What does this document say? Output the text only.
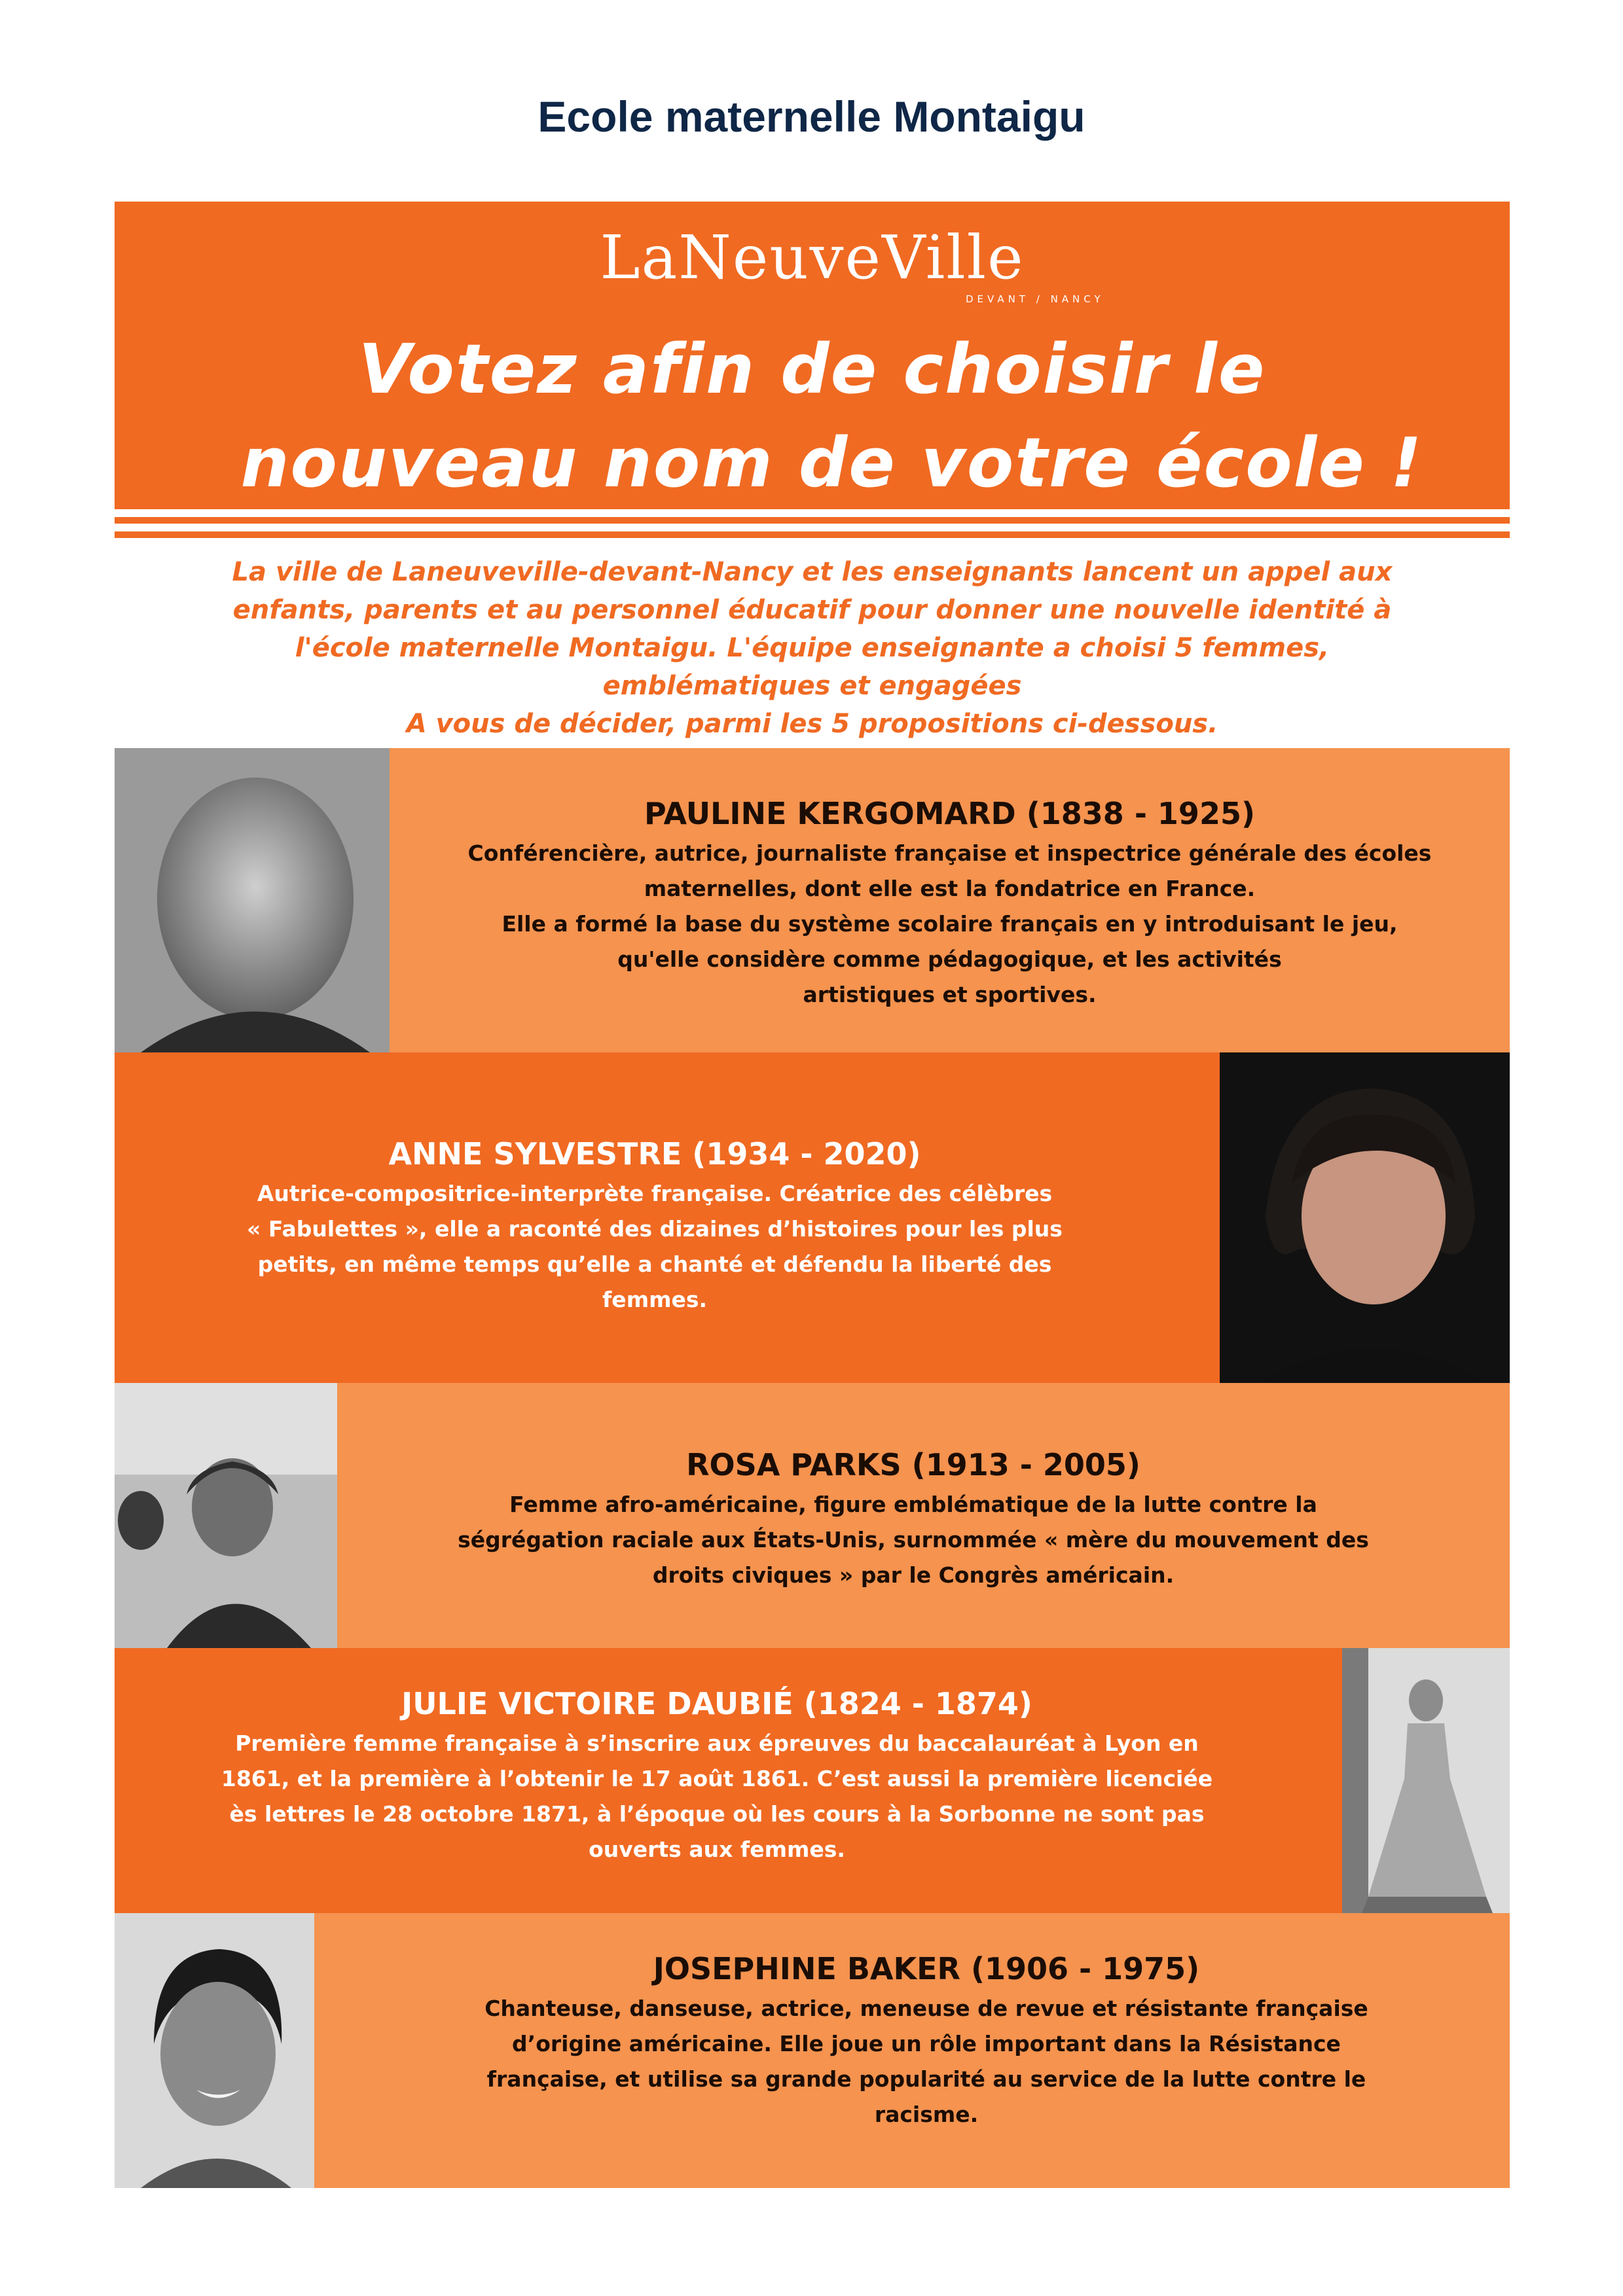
Ecole maternelle Montaigu
LaNeuveVille
DEVANT / NANCY
Votez afin de choisir le
nouveau nom de votre école !
La ville de Laneuveville-devant-Nancy et les enseignants lancent un appel aux
enfants, parents et au personnel éducatif pour donner une nouvelle identité à
l'école maternelle Montaigu. L'équipe enseignante a choisi 5 femmes,
emblématiques et engagées
A vous de décider, parmi les 5 propositions ci-dessous.
PAULINE KERGOMARD (1838 - 1925)
Conférencière, autrice, journaliste française et inspectrice générale des écoles
maternelles, dont elle est la fondatrice en France.
Elle a formé la base du système scolaire français en y introduisant le jeu,
qu'elle considère comme pédagogique, et les activités
artistiques et sportives.
ANNE SYLVESTRE (1934 - 2020)
Autrice-compositrice-interprète française. Créatrice des célèbres
« Fabulettes », elle a raconté des dizaines d’histoires pour les plus
petits, en même temps qu’elle a chanté et défendu la liberté des
femmes.
ROSA PARKS (1913 - 2005)
Femme afro-américaine, figure emblématique de la lutte contre la
ségrégation raciale aux États-Unis, surnommée « mère du mouvement des
droits civiques » par le Congrès américain.
JULIE VICTOIRE DAUBIÉ (1824 - 1874)
Première femme française à s’inscrire aux épreuves du baccalauréat à Lyon en
1861, et la première à l’obtenir le 17 août 1861. C’est aussi la première licenciée
ès lettres le 28 octobre 1871, à l’époque où les cours à la Sorbonne ne sont pas
ouverts aux femmes.
JOSEPHINE BAKER (1906 - 1975)
Chanteuse, danseuse, actrice, meneuse de revue et résistante française
d’origine américaine. Elle joue un rôle important dans la Résistance
française, et utilise sa grande popularité au service de la lutte contre le
racisme.
